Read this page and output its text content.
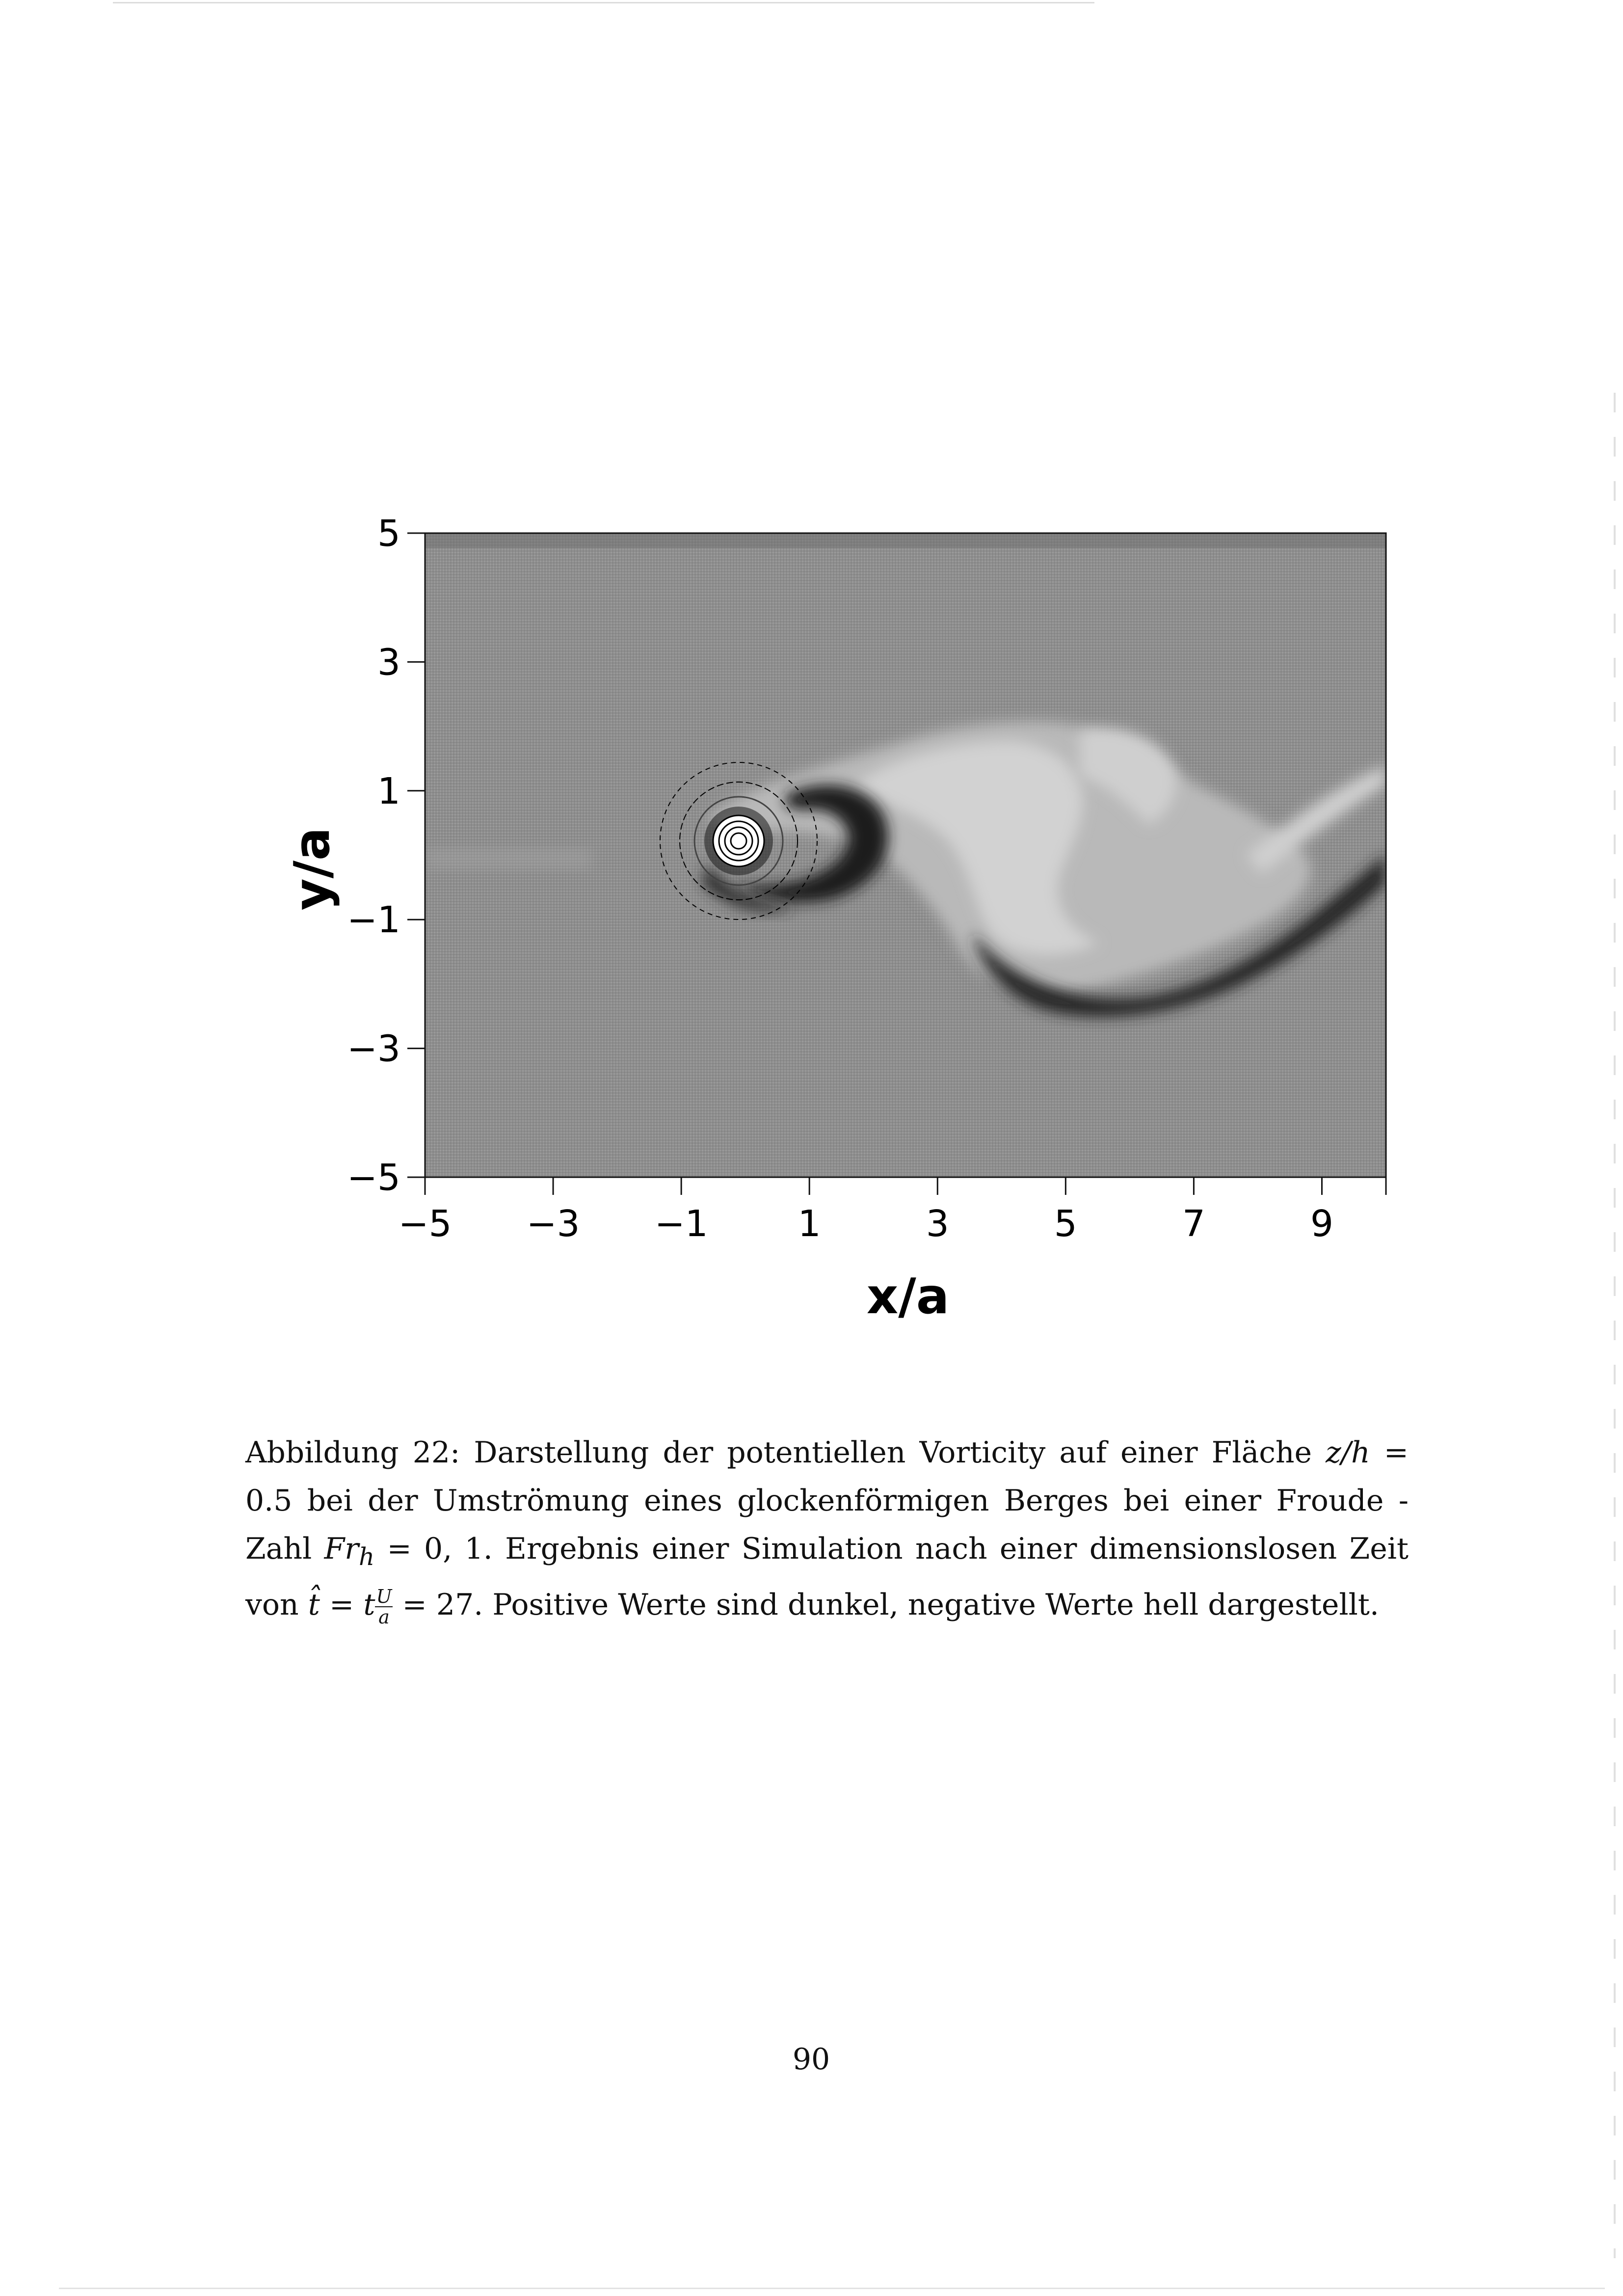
−5 −3 −1 1	3	5	7	9
−5
−3
−1
1
3
5
x/a
y/a
Abbildung 22: Darstellung der potentiellen Vorticity auf einer Fläche z/h = 0.5 bei der Umströmung eines glockenförmigen Berges bei einer Froude - Zahl $Fr_h = 0$, 1. Ergebnis einer Simulation nach einer dimensionslosen Zeit von t̂ = t $\frac{U}{a} = 27$. Positive Werte sind dunkel, negative Werte hell dargestellt.
90
